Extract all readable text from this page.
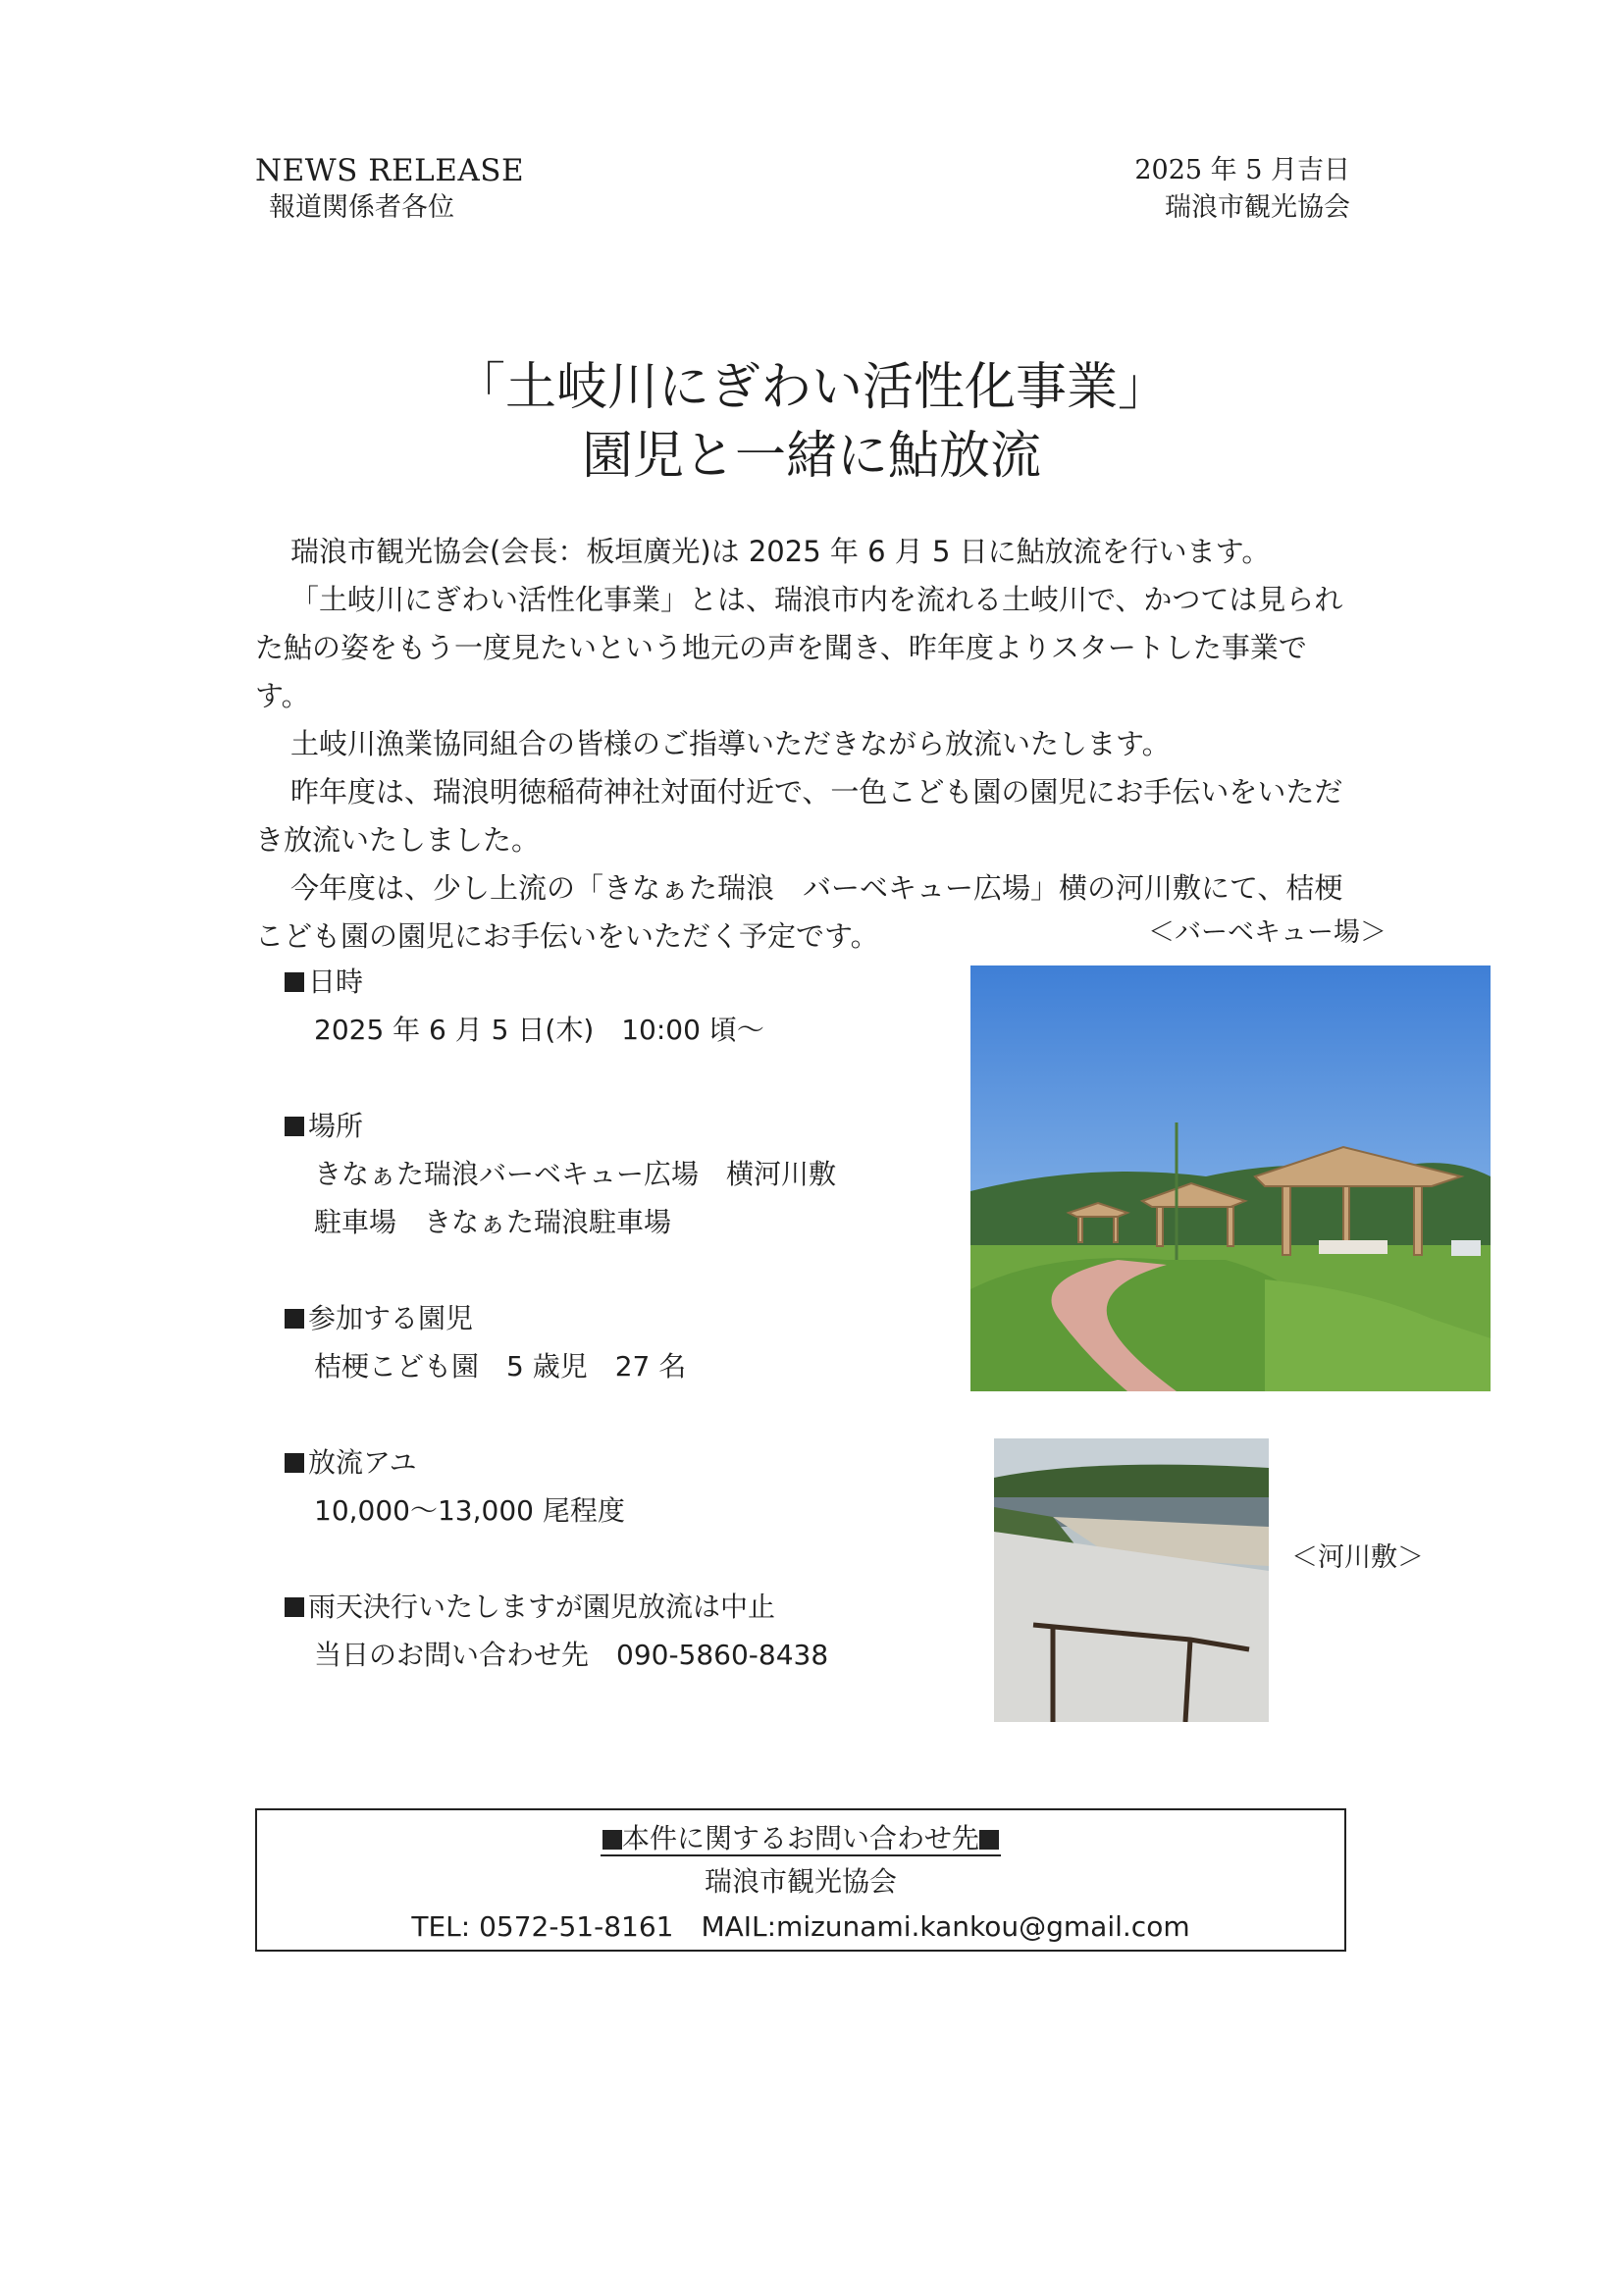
NEWS RELEASE
報道関係者各位
2025 年 5 月吉日
瑞浪市観光協会
「土岐川にぎわい活性化事業」
園児と一緒に鮎放流

瑞浪市観光協会(会長：板垣廣光)は 2025 年 6 月 5 日に鮎放流を行います。

「土岐川にぎわい活性化事業」とは、瑞浪市内を流れる土岐川で、かつては見られた鮎の姿をもう一度見たいという地元の声を聞き、昨年度よりスタートした事業です。

土岐川漁業協同組合の皆様のご指導いただきながら放流いたします。

昨年度は、瑞浪明徳稲荷神社対面付近で、一色こども園の園児にお手伝いをいただき放流いたしました。

今年度は、少し上流の「きなぁた瑞浪　バーベキュー広場」横の河川敷にて、桔梗こども園の園児にお手伝いをいただく予定です。	＜バーベキュー場＞
日時
2025 年 6 月 5 日(木)　10:00 頃～
場所
きなぁた瑞浪バーベキュー広場　横河川敷
駐車場　きなぁた瑞浪駐車場
参加する園児
桔梗こども園　5 歳児　27 名
放流アユ
10,000～13,000 尾程度
雨天決行いたしますが園児放流は中止
当日のお問い合わせ先　090-5860-8438
＜河川敷＞
本件に関するお問い合わせ先
瑞浪市観光協会
TEL: 0572-51-8161　MAIL:mizunami.kankou@gmail.com
